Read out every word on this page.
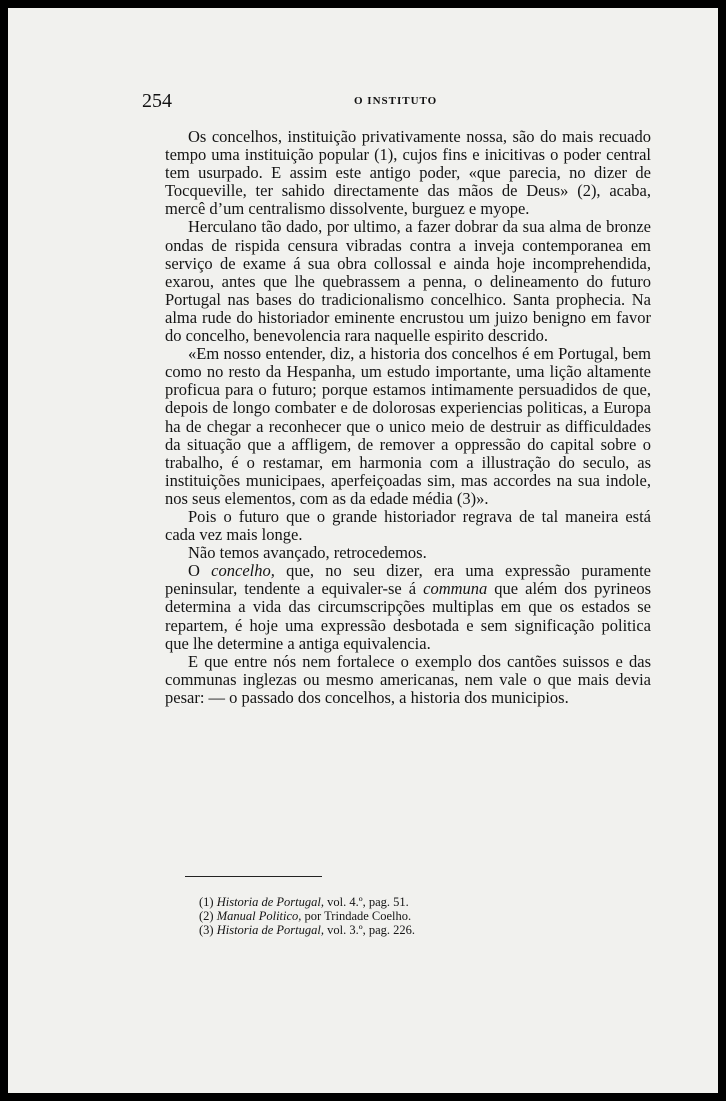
254	O INSTITUTO

Os concelhos, instituição privativamente nossa, são do mais recuado tempo uma instituição popular (1), cujos fins e inicitivas o poder central tem usurpado. E assim este antigo poder, «que parecia, no dizer de Tocqueville, ter sahido directamente das mãos de Deus» (2), acaba, mercê d’um centralismo dissolvente, burguez e myope.

Herculano tão dado, por ultimo, a fazer dobrar da sua alma de bronze ondas de rispida censura vibradas contra a inveja contemporanea em serviço de exame á sua obra collossal e ainda hoje incomprehendida, exarou, antes que lhe quebrassem a penna, o delineamento do futuro Portugal nas bases do tradicionalismo concelhico. Santa prophecia. Na alma rude do historiador eminente encrustou um juizo benigno em favor do concelho, benevolencia rara naquelle espirito descrido.

«Em nosso entender, diz, a historia dos concelhos é em Portugal, bem como no resto da Hespanha, um estudo importante, uma lição altamente proficua para o futuro; porque estamos intimamente persuadidos de que, depois de longo combater e de dolorosas experiencias politicas, a Europa ha de chegar a reconhecer que o unico meio de destruir as difficuldades da situação que a affligem, de remover a oppressão do capital sobre o trabalho, é o restamar, em harmonia com a illustração do seculo, as instituições municipaes, aperfeiçoadas sim, mas accordes na sua indole, nos seus elementos, com as da edade média (3)».

Pois o futuro que o grande historiador regrava de tal maneira está cada vez mais longe.

Não temos avançado, retrocedemos.

O concelho, que, no seu dizer, era uma expressão puramente peninsular, tendente a equivaler-se á communa que além dos pyrineos determina a vida das circumscripções multiplas em que os estados se repartem, é hoje uma expressão desbotada e sem significação politica que lhe determine a antiga equivalencia.

E que entre nós nem fortalece o exemplo dos cantões suissos e das communas inglezas ou mesmo americanas, nem vale o que mais devia pesar: — o passado dos concelhos, a historia dos municipios.

(1) Historia de Portugal, vol. 4.º, pag. 51.
(2) Manual Politico, por Trindade Coelho.
(3) Historia de Portugal, vol. 3.º, pag. 226.
